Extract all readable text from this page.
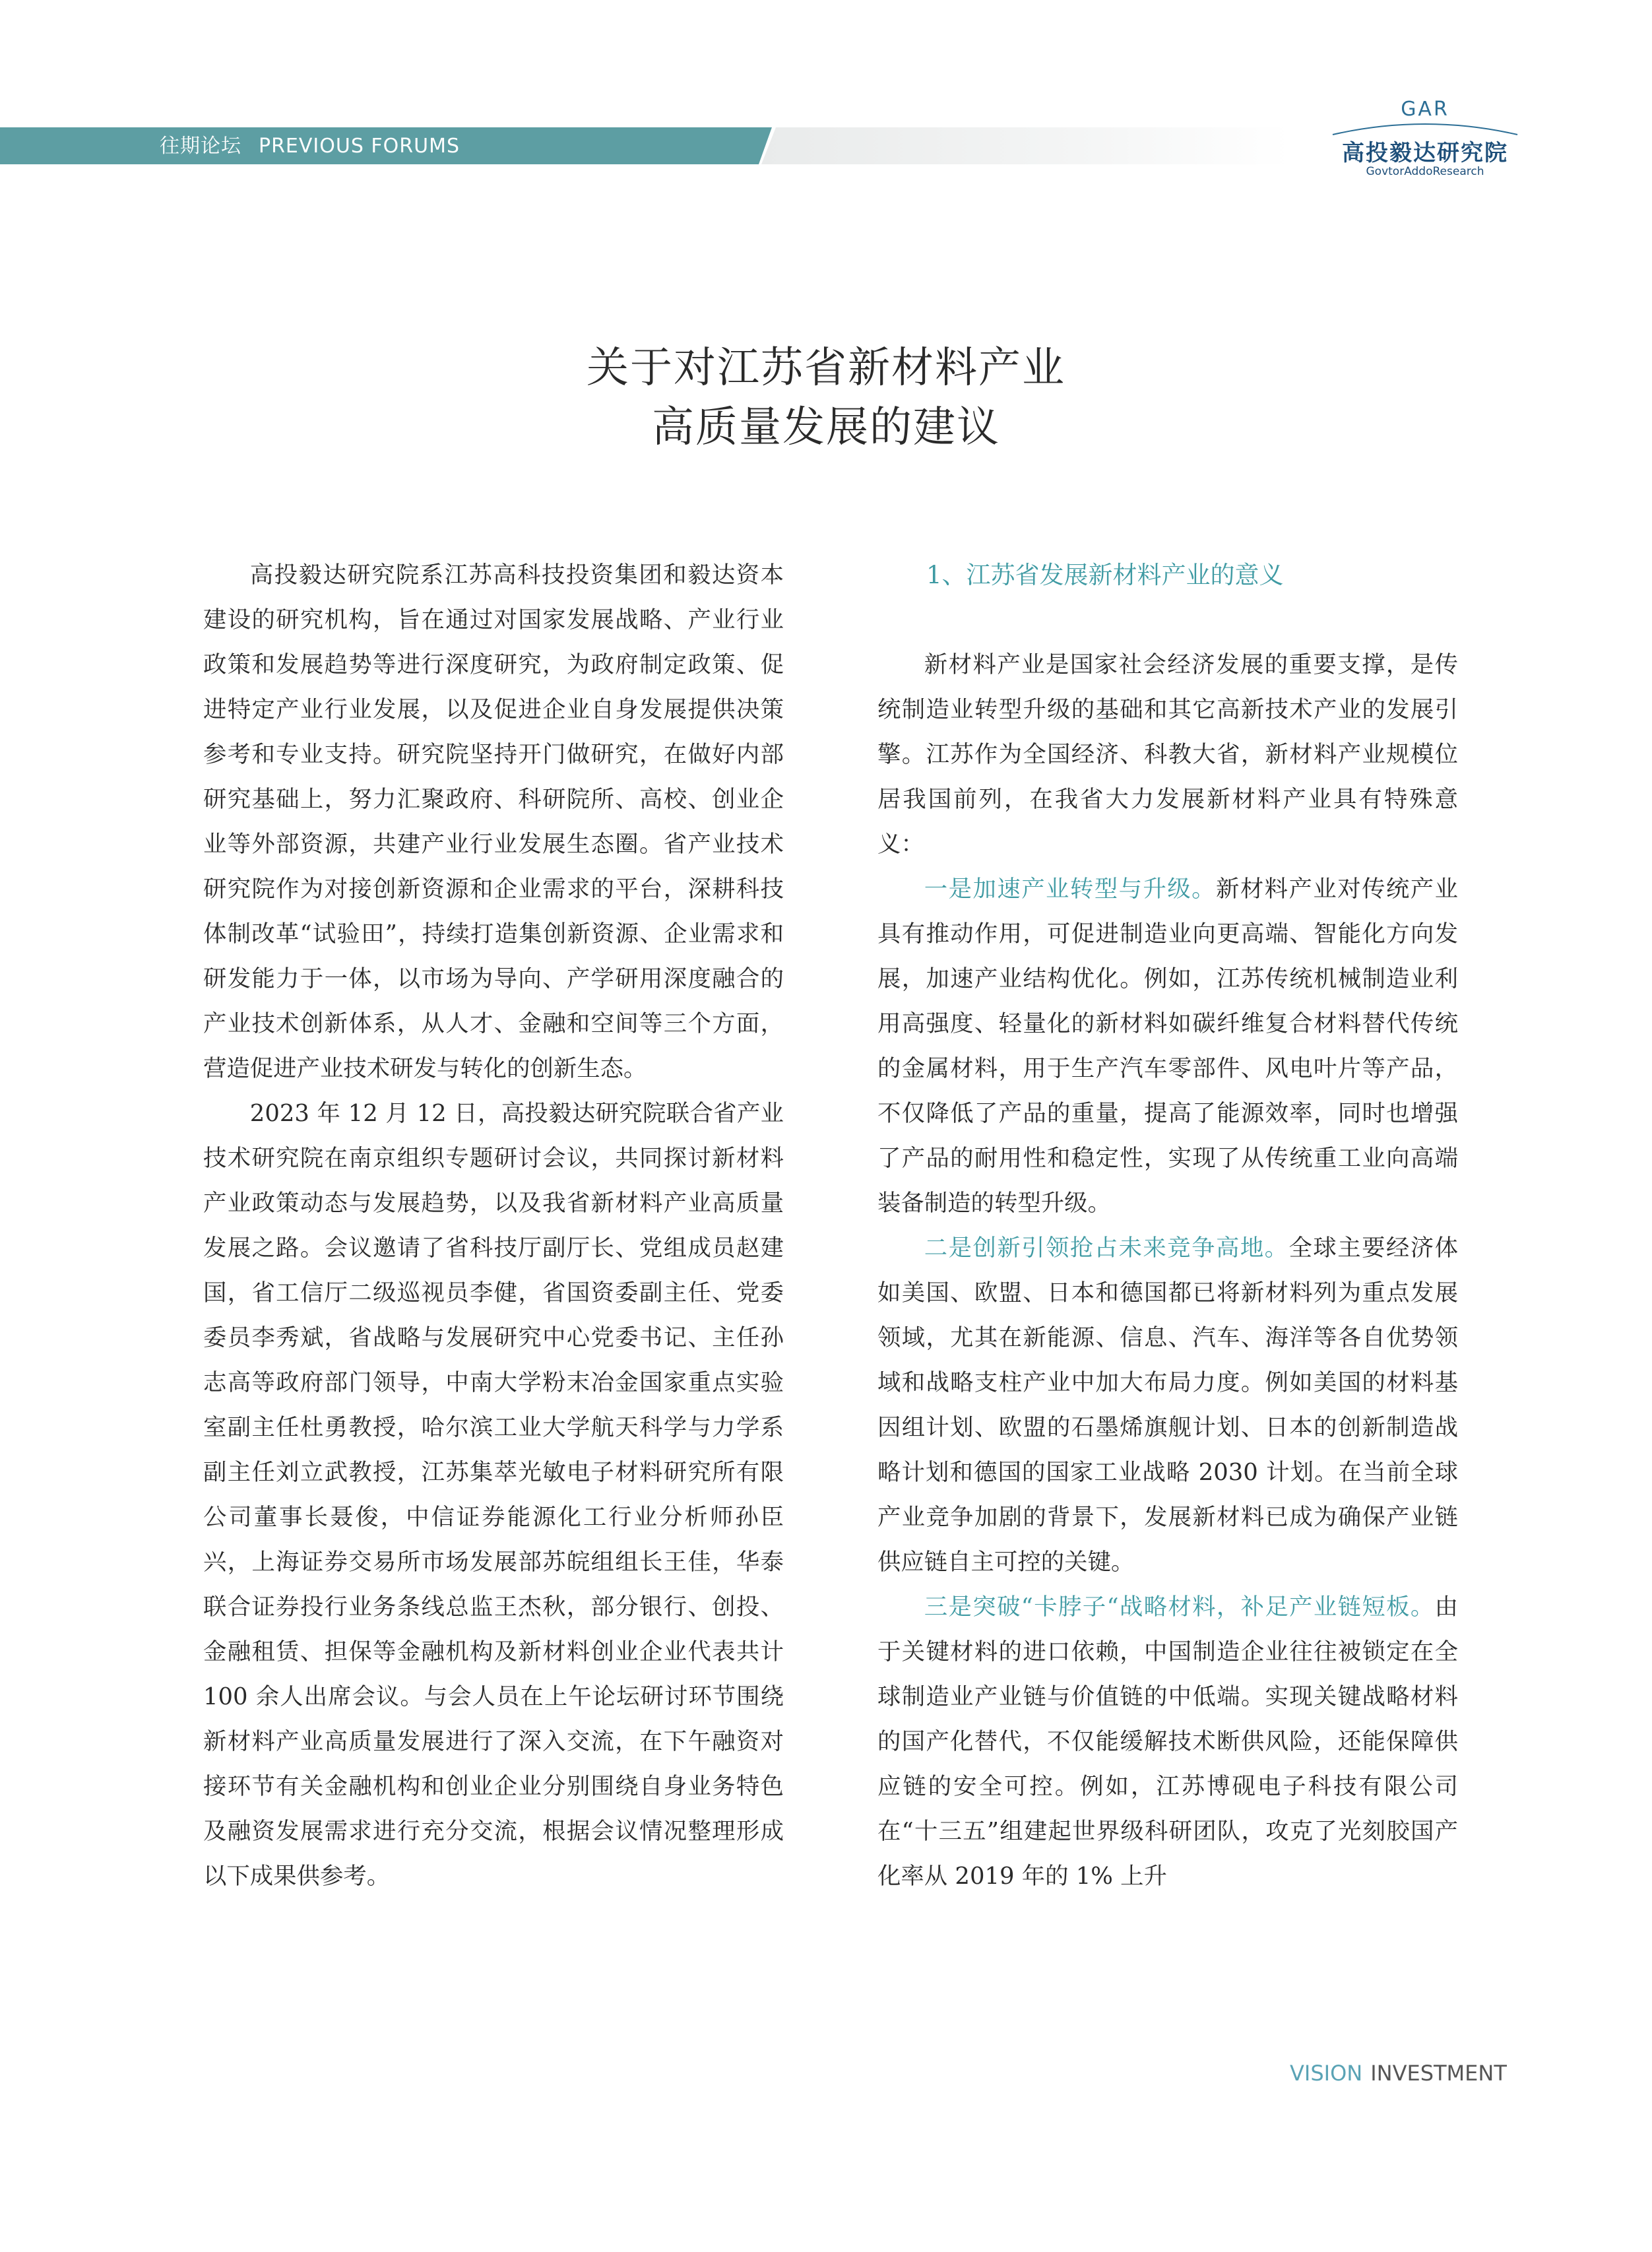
往期论坛 PREVIOUS FORUMS
GAR
高投毅达研究院
GovtorAddoResearch
关于对江苏省新材料产业
高质量发展的建议

高投毅达研究院系江苏高科技投资集团和毅达资本建设的研究机构，旨在通过对国家发展战略、产业行业政策和发展趋势等进行深度研究，为政府制定政策、促进特定产业行业发展，以及促进企业自身发展提供决策参考和专业支持。研究院坚持开门做研究，在做好内部研究基础上，努力汇聚政府、科研院所、高校、创业企业等外部资源，共建产业行业发展生态圈。省产业技术研究院作为对接创新资源和企业需求的平台，深耕科技体制改革“试验田”，持续打造集创新资源、企业需求和研发能力于一体，以市场为导向、产学研用深度融合的产业技术创新体系，从人才、金融和空间等三个方面，营造促进产业技术研发与转化的创新生态。

2023 年 12 月 12 日，高投毅达研究院联合省产业技术研究院在南京组织专题研讨会议，共同探讨新材料产业政策动态与发展趋势，以及我省新材料产业高质量发展之路。会议邀请了省科技厅副厅长、党组成员赵建国，省工信厅二级巡视员李健，省国资委副主任、党委委员李秀斌，省战略与发展研究中心党委书记、主任孙志高等政府部门领导，中南大学粉末冶金国家重点实验室副主任杜勇教授，哈尔滨工业大学航天科学与力学系副主任刘立武教授，江苏集萃光敏电子材料研究所有限公司董事长聂俊，中信证券能源化工行业分析师孙臣兴，上海证券交易所市场发展部苏皖组组长王佳，华泰联合证券投行业务条线总监王杰秋，部分银行、创投、金融租赁、担保等金融机构及新材料创业企业代表共计 100 余人出席会议。与会人员在上午论坛研讨环节围绕新材料产业高质量发展进行了深入交流，在下午融资对接环节有关金融机构和创业企业分别围绕自身业务特色及融资发展需求进行充分交流，根据会议情况整理形成以下成果供参考。

1、江苏省发展新材料产业的意义

新材料产业是国家社会经济发展的重要支撑，是传统制造业转型升级的基础和其它高新技术产业的发展引擎。江苏作为全国经济、科教大省，新材料产业规模位居我国前列，在我省大力发展新材料产业具有特殊意义：

一是加速产业转型与升级。新材料产业对传统产业具有推动作用，可促进制造业向更高端、智能化方向发展，加速产业结构优化。例如，江苏传统机械制造业利用高强度、轻量化的新材料如碳纤维复合材料替代传统的金属材料，用于生产汽车零部件、风电叶片等产品，不仅降低了产品的重量，提高了能源效率，同时也增强了产品的耐用性和稳定性，实现了从传统重工业向高端装备制造的转型升级。

二是创新引领抢占未来竞争高地。全球主要经济体如美国、欧盟、日本和德国都已将新材料列为重点发展领域，尤其在新能源、信息、汽车、海洋等各自优势领域和战略支柱产业中加大布局力度。例如美国的材料基因组计划、欧盟的石墨烯旗舰计划、日本的创新制造战略计划和德国的国家工业战略 2030 计划。在当前全球产业竞争加剧的背景下，发展新材料已成为确保产业链供应链自主可控的关键。

三是突破“卡脖子“战略材料，补足产业链短板。由于关键材料的进口依赖，中国制造企业往往被锁定在全球制造业产业链与价值链的中低端。实现关键战略材料的国产化替代，不仅能缓解技术断供风险，还能保障供应链的安全可控。例如，江苏博砚电子科技有限公司在“十三五”组建起世界级科研团队，攻克了光刻胶国产化率从 2019 年的 1% 上升

VISION INVESTMENT
